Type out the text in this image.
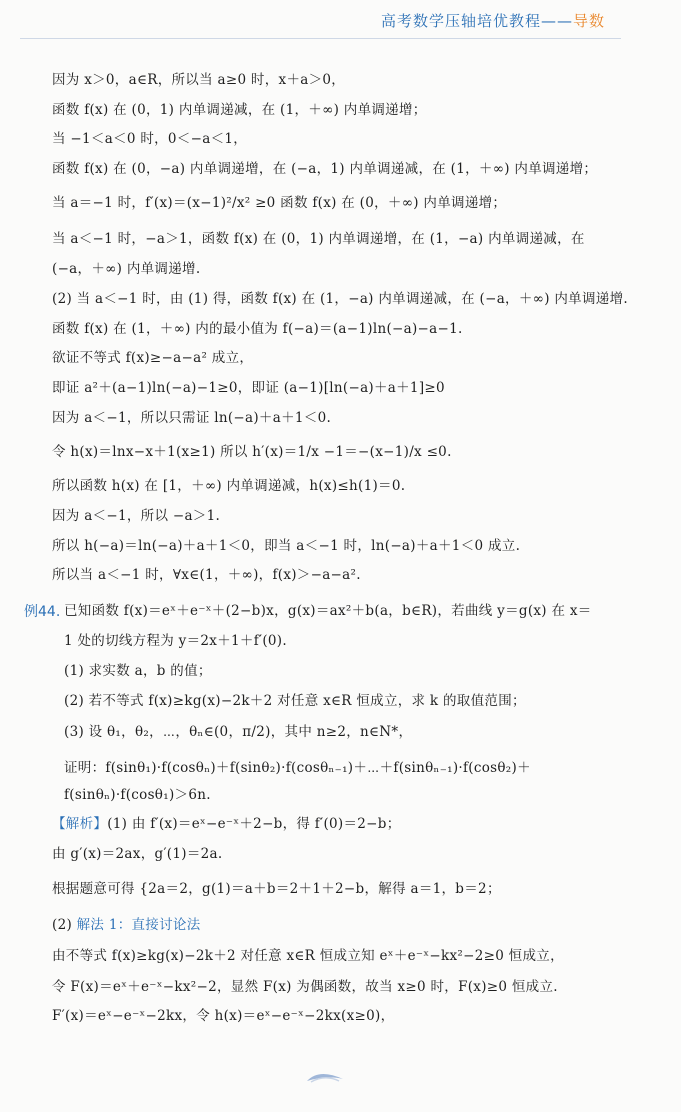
高考数学压轴培优教程——导数
因为 x＞0，a∈R，所以当 a≥0 时，x＋a＞0，
函数 f(x) 在 (0，1) 内单调递减，在 (1，＋∞) 内单调递增；
当 −1＜a＜0 时，0＜−a＜1，
函数 f(x) 在 (0，−a) 内单调递增，在 (−a，1) 内单调递减，在 (1，＋∞) 内单调递增；
当 a＝−1 时，f′(x)＝(x−1)²/x² ≥0 函数 f(x) 在 (0，＋∞) 内单调递增；
当 a＜−1 时，−a＞1，函数 f(x) 在 (0，1) 内单调递增，在 (1，−a) 内单调递减，在
(−a，＋∞) 内单调递增.
(2) 当 a＜−1 时，由 (1) 得，函数 f(x) 在 (1，−a) 内单调递减，在 (−a，＋∞) 内单调递增.
函数 f(x) 在 (1，＋∞) 内的最小值为 f(−a)＝(a−1)ln(−a)−a−1.
欲证不等式 f(x)≥−a−a² 成立，
即证 a²＋(a−1)ln(−a)−1≥0，即证 (a−1)[ln(−a)＋a＋1]≥0
因为 a＜−1，所以只需证 ln(−a)＋a＋1＜0.
令 h(x)＝lnx−x＋1(x≥1) 所以 h′(x)＝1/x −1＝−(x−1)/x ≤0.
所以函数 h(x) 在 [1，＋∞) 内单调递减，h(x)≤h(1)＝0.
因为 a＜−1，所以 −a＞1.
所以 h(−a)＝ln(−a)＋a＋1＜0，即当 a＜−1 时，ln(−a)＋a＋1＜0 成立.
所以当 a＜−1 时，∀x∈(1，＋∞)，f(x)＞−a−a².
例44. 已知函数 f(x)＝eˣ＋e⁻ˣ＋(2−b)x，g(x)＝ax²＋b(a，b∈R)，若曲线 y＝g(x) 在 x＝
1 处的切线方程为 y＝2x＋1＋f′(0).
(1) 求实数 a，b 的值；
(2) 若不等式 f(x)≥kg(x)−2k＋2 对任意 x∈R 恒成立，求 k 的取值范围；
(3) 设 θ₁，θ₂，⋯，θₙ∈(0，π/2)，其中 n≥2，n∈N*，
证明：f(sinθ₁)·f(cosθₙ)＋f(sinθ₂)·f(cosθₙ₋₁)＋⋯＋f(sinθₙ₋₁)·f(cosθ₂)＋
f(sinθₙ)·f(cosθ₁)＞6n.
【解析】(1) 由 f′(x)＝eˣ−e⁻ˣ＋2−b，得 f′(0)＝2−b；
由 g′(x)＝2ax，g′(1)＝2a.
根据题意可得 {2a＝2，g(1)＝a＋b＝2＋1＋2−b，解得 a＝1，b＝2；
(2) 解法 1：直接讨论法
由不等式 f(x)≥kg(x)−2k＋2 对任意 x∈R 恒成立知 eˣ＋e⁻ˣ−kx²−2≥0 恒成立，
令 F(x)＝eˣ＋e⁻ˣ−kx²−2，显然 F(x) 为偶函数，故当 x≥0 时，F(x)≥0 恒成立.
F′(x)＝eˣ−e⁻ˣ−2kx，令 h(x)＝eˣ−e⁻ˣ−2kx(x≥0)，
